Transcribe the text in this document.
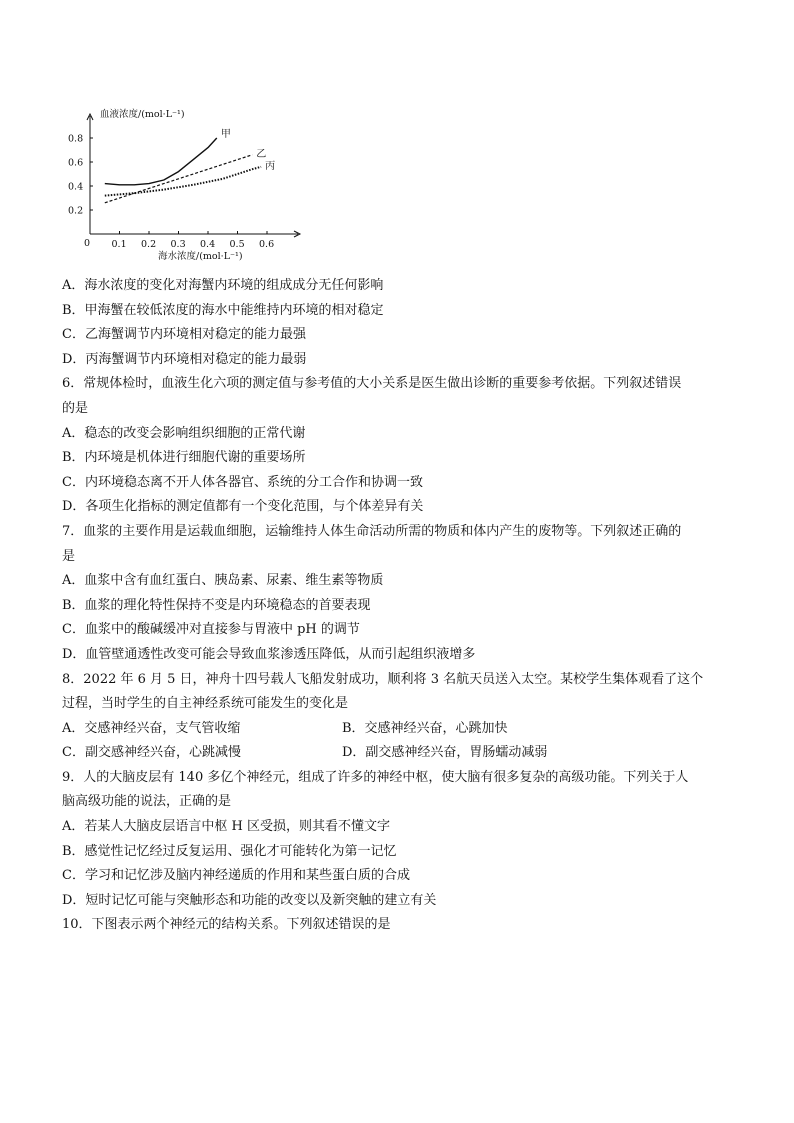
血液浓度/(mol·L⁻¹)
海水浓度/(mol·L⁻¹)
0
0.2
0.4
0.6
0.8
0.1 0.2 0.3 0.4 0.5 0.6
甲
乙
丙
A．海水浓度的变化对海蟹内环境的组成成分无任何影响
B．甲海蟹在较低浓度的海水中能维持内环境的相对稳定
C．乙海蟹调节内环境相对稳定的能力最强
D．丙海蟹调节内环境相对稳定的能力最弱
6．常规体检时，血液生化六项的测定值与参考值的大小关系是医生做出诊断的重要参考依据。下列叙述错误
的是
A．稳态的改变会影响组织细胞的正常代谢
B．内环境是机体进行细胞代谢的重要场所
C．内环境稳态离不开人体各器官、系统的分工合作和协调一致
D．各项生化指标的测定值都有一个变化范围，与个体差异有关
7．血浆的主要作用是运载血细胞，运输维持人体生命活动所需的物质和体内产生的废物等。下列叙述正确的
是
A．血浆中含有血红蛋白、胰岛素、尿素、维生素等物质
B．血浆的理化特性保持不变是内环境稳态的首要表现
C．血浆中的酸碱缓冲对直接参与胃液中 pH 的调节
D．血管壁通透性改变可能会导致血浆渗透压降低，从而引起组织液增多
8．2022 年 6 月 5 日，神舟十四号载人飞船发射成功，顺利将 3 名航天员送入太空。某校学生集体观看了这个
过程，当时学生的自主神经系统可能发生的变化是
A．交感神经兴奋，支气管收缩	B．交感神经兴奋，心跳加快
C．副交感神经兴奋，心跳减慢	D．副交感神经兴奋，胃肠蠕动减弱
9．人的大脑皮层有 140 多亿个神经元，组成了许多的神经中枢，使大脑有很多复杂的高级功能。下列关于人
脑高级功能的说法，正确的是
A．若某人大脑皮层语言中枢 H 区受损，则其看不懂文字
B．感觉性记忆经过反复运用、强化才可能转化为第一记忆
C．学习和记忆涉及脑内神经递质的作用和某些蛋白质的合成
D．短时记忆可能与突触形态和功能的改变以及新突触的建立有关
10．下图表示两个神经元的结构关系。下列叙述错误的是
